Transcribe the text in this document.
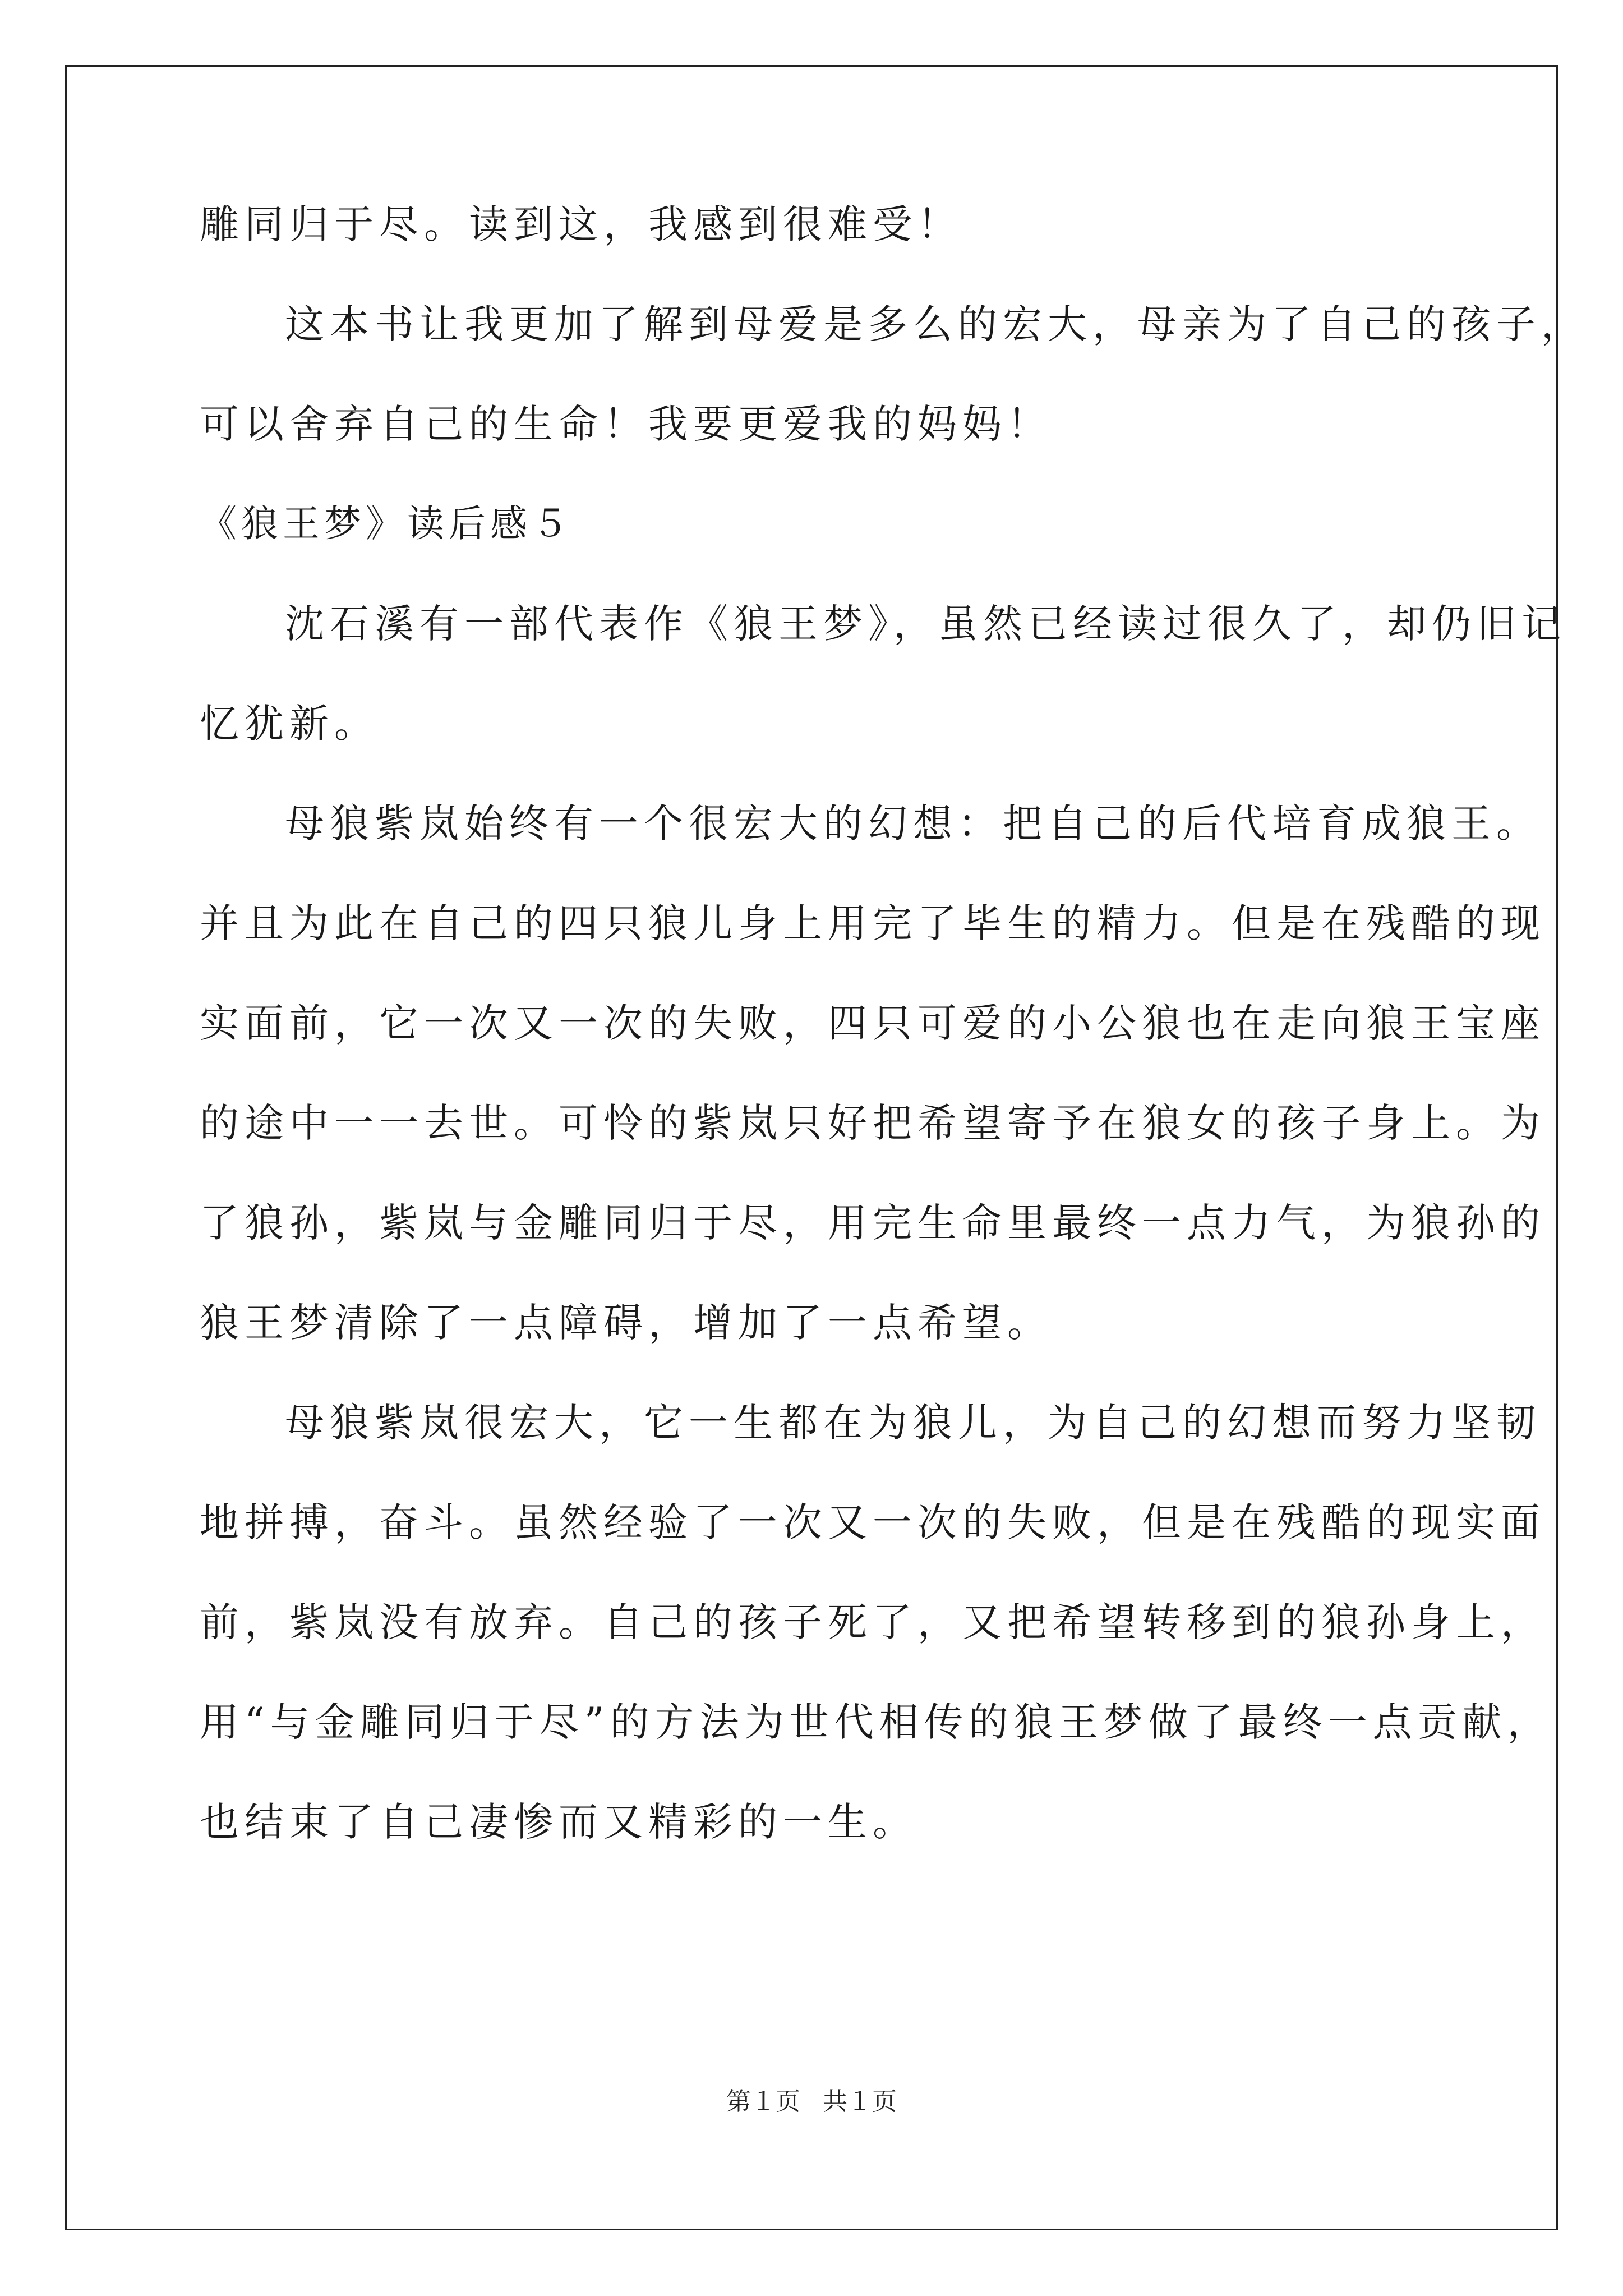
雕同归于尽。读到这，我感到很难受！

这本书让我更加了解到母爱是多么的宏大，母亲为了自己的孩子，

可以舍弃自己的生命！我要更爱我的妈妈！

《狼王梦》读后感５

沈石溪有一部代表作《狼王梦》，虽然已经读过很久了，却仍旧记

忆犹新。

母狼紫岚始终有一个很宏大的幻想：把自己的后代培育成狼王。

并且为此在自己的四只狼儿身上用完了毕生的精力。但是在残酷的现

实面前，它一次又一次的失败，四只可爱的小公狼也在走向狼王宝座

的途中一一去世。可怜的紫岚只好把希望寄予在狼女的孩子身上。为

了狼孙，紫岚与金雕同归于尽，用完生命里最终一点力气，为狼孙的

狼王梦清除了一点障碍，增加了一点希望。

母狼紫岚很宏大，它一生都在为狼儿，为自己的幻想而努力坚韧

地拼搏，奋斗。虽然经验了一次又一次的失败，但是在残酷的现实面

前，紫岚没有放弃。自己的孩子死了，又把希望转移到的狼孙身上，

用“与金雕同归于尽”的方法为世代相传的狼王梦做了最终一点贡献，

也结束了自己凄惨而又精彩的一生。

第１页 共１页
